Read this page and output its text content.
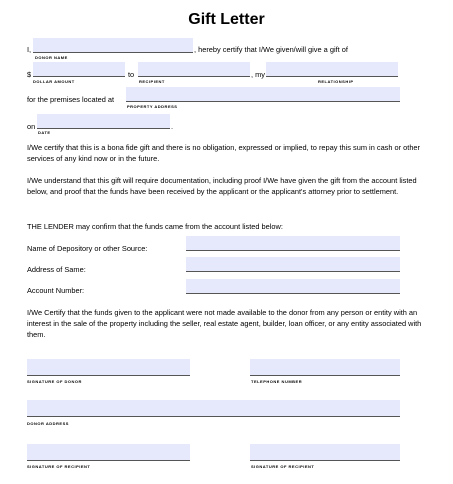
Gift Letter
I,	, hereby certify that I/We given/will give a gift of
DONOR NAME
$	to	, my
DOLLAR AMOUNT	RECIPIENT	RELATIONSHIP
for the premises located at
PROPERTY ADDRESS
on	.
DATE
I/We certify that this is a bona fide gift and there is no obligation, expressed or implied, to repay this sum in cash or other services of any kind now or in the future.
I/We understand that this gift will require documentation, including proof I/We have given the gift from the account listed below, and proof that the funds have been received by the applicant or the applicant's attorney prior to settlement.
THE LENDER may confirm that the funds came from the account listed below:
Name of Depository or other Source:
Address of Same:
Account Number:
I/We Certify that the funds given to the applicant were not made available to the donor from any person or entity with an interest in the sale of the property including the seller, real estate agent, builder, loan officer, or any entity associated with them.
SIGNATURE OF DONOR	TELEPHONE NUMBER
DONOR ADDRESS
SIGNATURE OF RECIPIENT	SIGNATURE OF RECIPIENT
